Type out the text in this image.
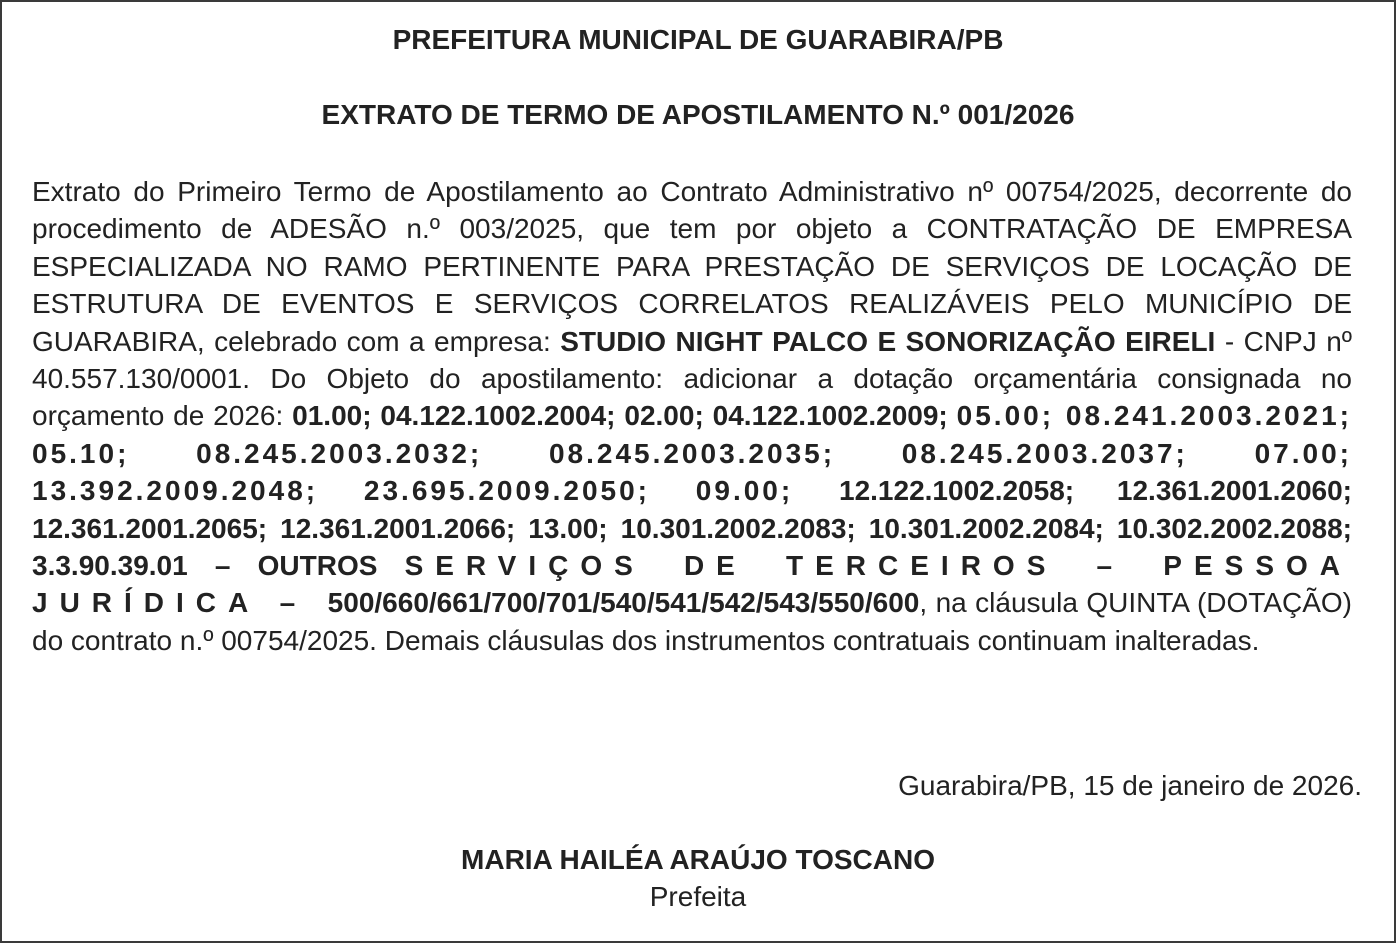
PREFEITURA MUNICIPAL DE GUARABIRA/PB
EXTRATO DE TERMO DE APOSTILAMENTO N.º 001/2026

Extrato do Primeiro Termo de Apostilamento ao Contrato Administrativo nº 00754/2025, decorrente do procedimento de ADESÃO n.º 003/2025, que tem por objeto a CONTRATAÇÃO DE EMPRESA ESPECIALIZADA NO RAMO PERTINENTE PARA PRESTAÇÃO DE SERVIÇOS DE LOCAÇÃO DE ESTRUTURA DE EVENTOS E SERVIÇOS CORRELATOS REALIZÁVEIS PELO MUNICÍPIO DE GUARABIRA, celebrado com a empresa: STUDIO NIGHT PALCO E SONORIZAÇÃO EIRELI - CNPJ nº 40.557.130/0001. Do Objeto do apostilamento: adicionar a dotação orçamentária consignada no orçamento de 2026: 01.00; 04.122.1002.2004; 02.00; 04.122.1002.2009; 05.00; 08.241.2003.2021; 05.10; 08.245.2003.2032; 08.245.2003.2035; 08.245.2003.2037; 07.00; 13.392.2009.2048; 23.695.2009.2050; 09.00; 12.122.1002.2058; 12.361.2001.2060; 12.361.2001.2065; 12.361.2001.2066; 13.00; 10.301.2002.2083; 10.301.2002.2084; 10.302.2002.2088; 3.3.90.39.01 – OUTROS SERVIÇOS DE TERCEIROS – PESSOA JURÍDICA – 500/660/661/700/701/540/541/542/543/550/600, na cláusula QUINTA (DOTAÇÃO) do contrato n.º 00754/2025. Demais cláusulas dos instrumentos contratuais continuam inalteradas.

Guarabira/PB, 15 de janeiro de 2026.
MARIA HAILÉA ARAÚJO TOSCANO
Prefeita
